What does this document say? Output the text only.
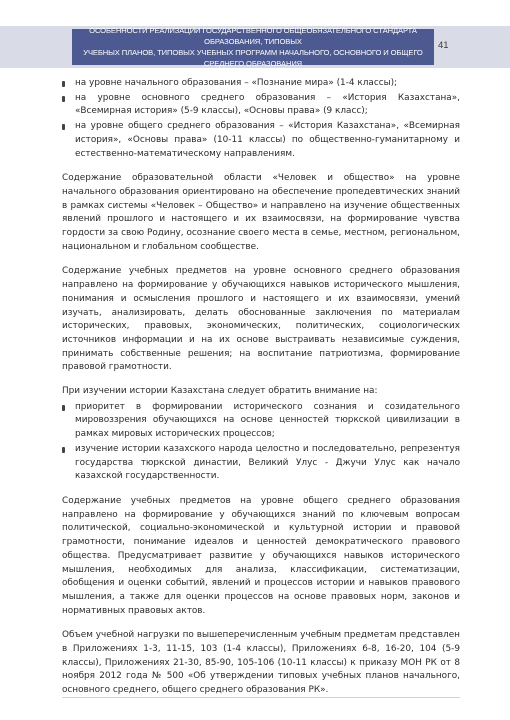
ОСОБЕННОСТИ РЕАЛИЗАЦИИ ГОСУДАРСТВЕННОГО ОБЩЕОБЯЗАТЕЛЬНОГО СТАНДАРТА ОБРАЗОВАНИЯ, ТИПОВЫХ
УЧЕБНЫХ ПЛАНОВ, ТИПОВЫХ УЧЕБНЫХ ПРОГРАММ НАЧАЛЬНОГО, ОСНОВНОГО И ОБЩЕГО СРЕДНЕГО ОБРАЗОВАНИЯ
41
на уровне начального образования – «Познание мира» (1-4 классы);
на уровне основного среднего образования – «История Казахстана», «Всемирная история» (5-9 классы), «Основы права» (9 класс);
на уровне общего среднего образования – «История Казахстана», «Всемирная история», «Основы права» (10-11 классы) по общественно-гуманитарному и естественно-математическому направлениям.

Содержание образовательной области «Человек и общество» на уровне начального образования ориентировано на обеспечение пропедевтических знаний в рамках системы «Человек – Общество» и направлено на изучение общественных явлений прошлого и настоящего и их взаимосвязи, на формирование чувства гордости за свою Родину, осознание своего места в семье, местном, региональном, национальном и глобальном сообществе.

Содержание учебных предметов на уровне основного среднего образования направлено на формирование у обучающихся навыков исторического мышления, понимания и осмысления прошлого и настоящего и их взаимосвязи, умений изучать, анализировать, делать обоснованные заключения по материалам исторических, правовых, экономических, политических, социологических источников информации и на их основе выстраивать независимые суждения, принимать собственные решения; на воспитание патриотизма, формирование правовой грамотности.

При изучении истории Казахстана следует обратить внимание на:

приоритет в формировании исторического сознания и созидательного мировоззрения обучающихся на основе ценностей тюркской цивилизации в рамках мировых исторических процессов;
изучение истории казахского народа целостно и последовательно, репрезентуя государства тюркской династии, Великий Улус - Джучи Улус как начало казахской государственности.

Содержание учебных предметов на уровне общего среднего образования направлено на формирование у обучающихся знаний по ключевым вопросам политической, социально-экономической и культурной истории и правовой грамотности, понимание идеалов и ценностей демократического правового общества. Предусматривает развитие у обучающихся навыков исторического мышления, необходимых для анализа, классификации, систематизации, обобщения и оценки событий, явлений и процессов истории и навыков правового мышления, а также для оценки процессов на основе правовых норм, законов и нормативных правовых актов.

Объем учебной нагрузки по вышеперечисленным учебным предметам представлен в Приложениях 1-3, 11-15, 103 (1-4 классы), Приложениях 6-8, 16-20, 104 (5-9 классы), Приложениях 21-30, 85-90, 105-106 (10-11 классы) к приказу МОН РК от 8 ноября 2012 года № 500 «Об утверждении типовых учебных планов начального, основного среднего, общего среднего образования РК».
